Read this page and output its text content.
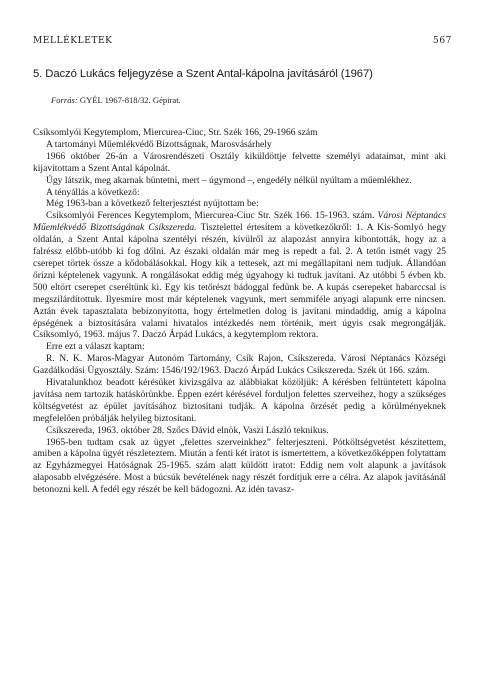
MELLÉKLETEK	567
5. Daczó Lukács feljegyzése a Szent Antal-kápolna javításáról (1967)
Forrás: GYÉL 1967-818/32. Gépirat.

Csíksomlyói Kegytemplom, Miercurea-Ciuc, Str. Szék 166, 29-1966 szám

A tartományi Műemlékvédő Bizottságnak, Marosvásárhely

1966 október 26-án a Városrendészeti Osztály kiküldöttje felvette személyi adataimat, mint aki kijavítottam a Szent Antal kápolnát.

Úgy látszik, meg akarnak büntetni, mert – úgymond –, engedély nélkül nyúltam a műemlékhez.

A tényállás a következő:

Még 1963-ban a következő felterjesztést nyújtottam be:

Csíksomlyói Ferences Kegytemplom, Miercurea-Ciuc Str. Szék 166. 15-1963. szám. Városi Néptanács Műemlékvédő Bizottságának Csíkszereda. Tisztelettel értesítem a következőkről: 1. A Kis-Somlyó hegy oldalán, a Szent Antal kápolna szentélyi részén, kívülről az alapozást annyira kibontották, hogy az a falréssz előbb-utóbb ki fog dőlni. Az északi oldalán már meg is repedt a fal. 2. A tetőn ismét vagy 25 cserepet törtek össze a kődobálásokkal. Hogy kik a tettesek, azt mi megállapítani nem tudjuk. Állandóan őrizni képtelenek vagyunk. A rongálásokat eddig még úgyahogy ki tudtuk javítani. Az utóbbi 5 évben kb. 500 eltört cserepet cseréltünk ki. Egy kis tetőrészt bádoggal fedünk be. A kupás cserepeket habarccsal is megszilárdítottuk. Ilyesmire most már képtelenek vagyunk, mert semmiféle anyagi alapunk erre nincsen. Aztán évek tapasztalata bebizonyította, hogy értelmetlen dolog is javítani mindaddig, amíg a kápolna épségének a biztosítására valami hivatalos intézkedés nem történik, mert úgyis csak megrongálják. Csíksomlyó, 1963. május 7. Daczó Árpád Lukács, a kegytemplom rektora.

Erre ezt a választ kaptam:

R. N. K. Maros-Magyar Autonóm Tartomány, Csík Rajon, Csíkszereda. Városi Néptanács Községi Gazdálkodási Ügyosztály. Szám: 1546/192/1963. Daczó Árpád Lukács Csíkszereda. Szék út 166. szám.

Hivatalunkhoz beadott kérésüket kivizsgálva az alábbiakat közöljük: A kérésben feltüntetett kápolna javítása nem tartozik hatáskörünkbe. Éppen ezért kérésével forduljon felettes szerveihez, hogy a szükséges költségvetést az épület javításához biztosítani tudják. A kápolna őrzését pedig a körülményeknek megfelelően próbálják helyileg biztosítani.

Csíkszereda, 1963. október 28. Szőcs Dávid elnök, Vaszi László teknikus.

1965-ben tudtam csak az ügyet „felettes szerveinkhez” felterjeszteni. Pótköltségvetést készítettem, amiben a kápolna ügyét részleteztem. Miután a fenti két iratot is ismertettem, a következőképpen folytattam az Egyházmegyei Hatóságnak 25-1965. szám alatt küldött iratot: Eddig nem volt alapunk a javítások alaposabb elvégzésére. Most a búcsúk bevételének nagy részét fordítjuk erre a célra. Az alapok javításánál betonozni kell. A fedél egy részét be kell bádogozni. Az idén tavasz-
